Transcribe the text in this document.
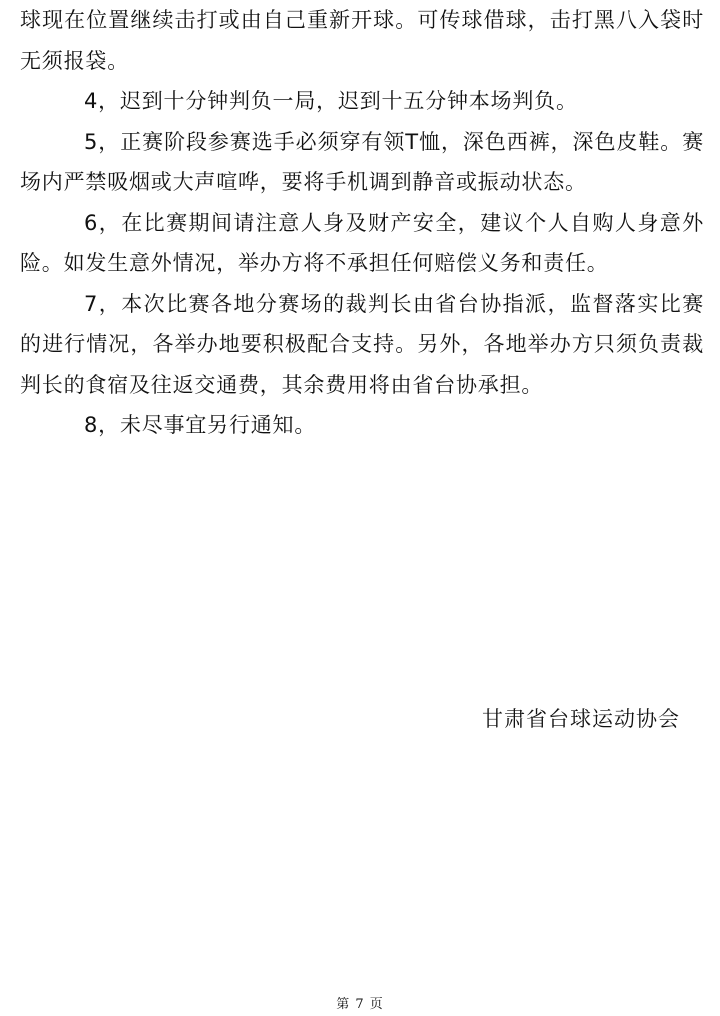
球现在位置继续击打或由自己重新开球。可传球借球，击打黑八入袋时无须报袋。

4，迟到十分钟判负一局，迟到十五分钟本场判负。

5，正赛阶段参赛选手必须穿有领T恤，深色西裤，深色皮鞋。赛场内严禁吸烟或大声喧哗，要将手机调到静音或振动状态。

6，在比赛期间请注意人身及财产安全，建议个人自购人身意外险。如发生意外情况，举办方将不承担任何赔偿义务和责任。

7，本次比赛各地分赛场的裁判长由省台协指派，监督落实比赛的进行情况，各举办地要积极配合支持。另外，各地举办方只须负责裁判长的食宿及往返交通费，其余费用将由省台协承担。

8，未尽事宜另行通知。

甘肃省台球运动协会
第 7 页
